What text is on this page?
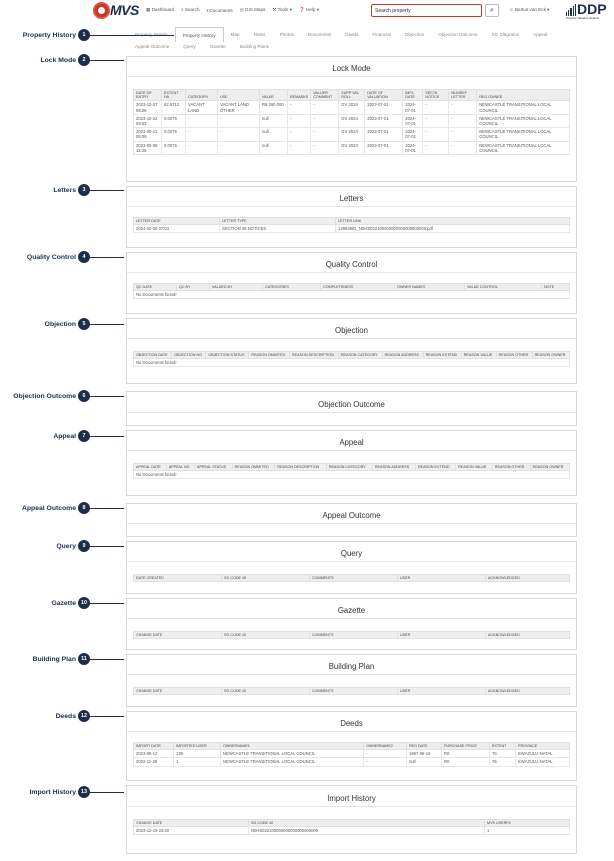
MVS ▦ Dashboard ⌕ Search ⭳ Documents ◎ GIS Maps ⚒ Tools ▾ ❓ Help ▾	Search property	⌕	☺ Bertus van Eck ▾ DDP
Property Valuation Experts
Property History	Map	Notes	Photos	Documents	Deeds	Financial	Objection	Objection Outcome	SG Diagrams	Appeal
Appeal Outcome	Query	Gazette	Building Plans
Lock Mode
DATE OF ENTRY	EXTENT HA	CATEGORY	USE	VALUE	REMARKS	VALUER COMMENT	SUPP VAL ROLL	DATE OF VALUATION	IMPL DATE	SEC78 NOTICE	MUNREF LETTER	REG OWNER
2023-10-27 08:26	62.6712	VACANT LAND	VACANT LAND OTHER	R6 260 000	-	-	GV 2024	2023-07-01	2024-07-01	-	-	NEWCASTLE TRANSITIONAL LOCAL COUNCIL
2023-10-22 09:53	0.0076	-	-	null	-	-	GV 2024	2023-07-01	2024-07-01	-	-	NEWCASTLE TRANSITIONAL LOCAL COUNCIL
2023-06-13 05:09	0.0076	-	-	null	-	-	GV 2024	2023-07-01	2024-07-01	-	-	NEWCASTLE TRANSITIONAL LOCAL COUNCIL
2023-05-08 12:28	0.0076	-	-	null	-	-	GV 2024	2023-07-01	2024-07-01	-	-	NEWCASTLE TRANSITIONAL LOCAL COUNCIL
Letters
LETTER DATE	LETTER TYPE	LETTER LINK
2024-02-06 07:03	SECTION 49 NOTICES	12953981_N0HS022100000000000000000000.pdf
Quality Control
QC DATE	QC BY	VALUED BY	CATEGORIES	COMPLETENESS	OWNER NAMES	VALUE CONTROL	NOTE
No Documents found!
Objection
OBJECTION DATE	OBJECTION NO	OBJECTION STATUS	REASON OMMITED	REASON DESCRIPTION	REASON CATEGORY	REASON ADDRESS	REASON EXTEND	REASON VALUE	REASON OTHER	REASON OWNER
No Documents found!
Objection Outcome
Appeal
APPEAL DATE	APPEAL NO	APPEAL STATUS	REASON OMMITED	REASON DESCRIPTION	REASON CATEGORY	REASON ADDRESS	REASON EXTEND	REASON VALUE	REASON OTHER	REASON OWNER
No Documents found!
Appeal Outcome
Query
DATE CREATED	SG CODE 40	COMMENTS	USER	ACKNOWLEDGED
Gazette
CHANGE DATE	SG CODE 40	COMMENTS	USER	ACKNOWLEDGED
Building Plan
CHANGE DATE	SG CODE 40	COMMENTS	USER	ACKNOWLEDGED
Deeds
IMPORT DATE	IMPORTED USER	OWNERNAME1	OWNERNAME2	REG DATE	PURCHASE PRICE	EXTENT	PROVINCE
2023-06-12	139	NEWCASTLE TRANSITIONAL LOCAL COUNCIL	-	1897-06-15	R0	76	KWAZULU-NATAL
2022-11-28	1	NEWCASTLE TRANSITIONAL LOCAL COUNCIL	-	null	R0	76	KWAZULU-NATAL
Import History
CHANGE DATE	SG CODE 40	MVS USERFK
2023-12-19 23:40	N0HS022100000000000000000000	1
Property History	1
Lock Mode	2
Letters	3
Quality Control	4
Objection	5
Objection Outcome	6
Appeal	7
Appeal Outcome	8
Query	9
Gazette 10
Building Plan 11
Deeds 12
Import History 13
